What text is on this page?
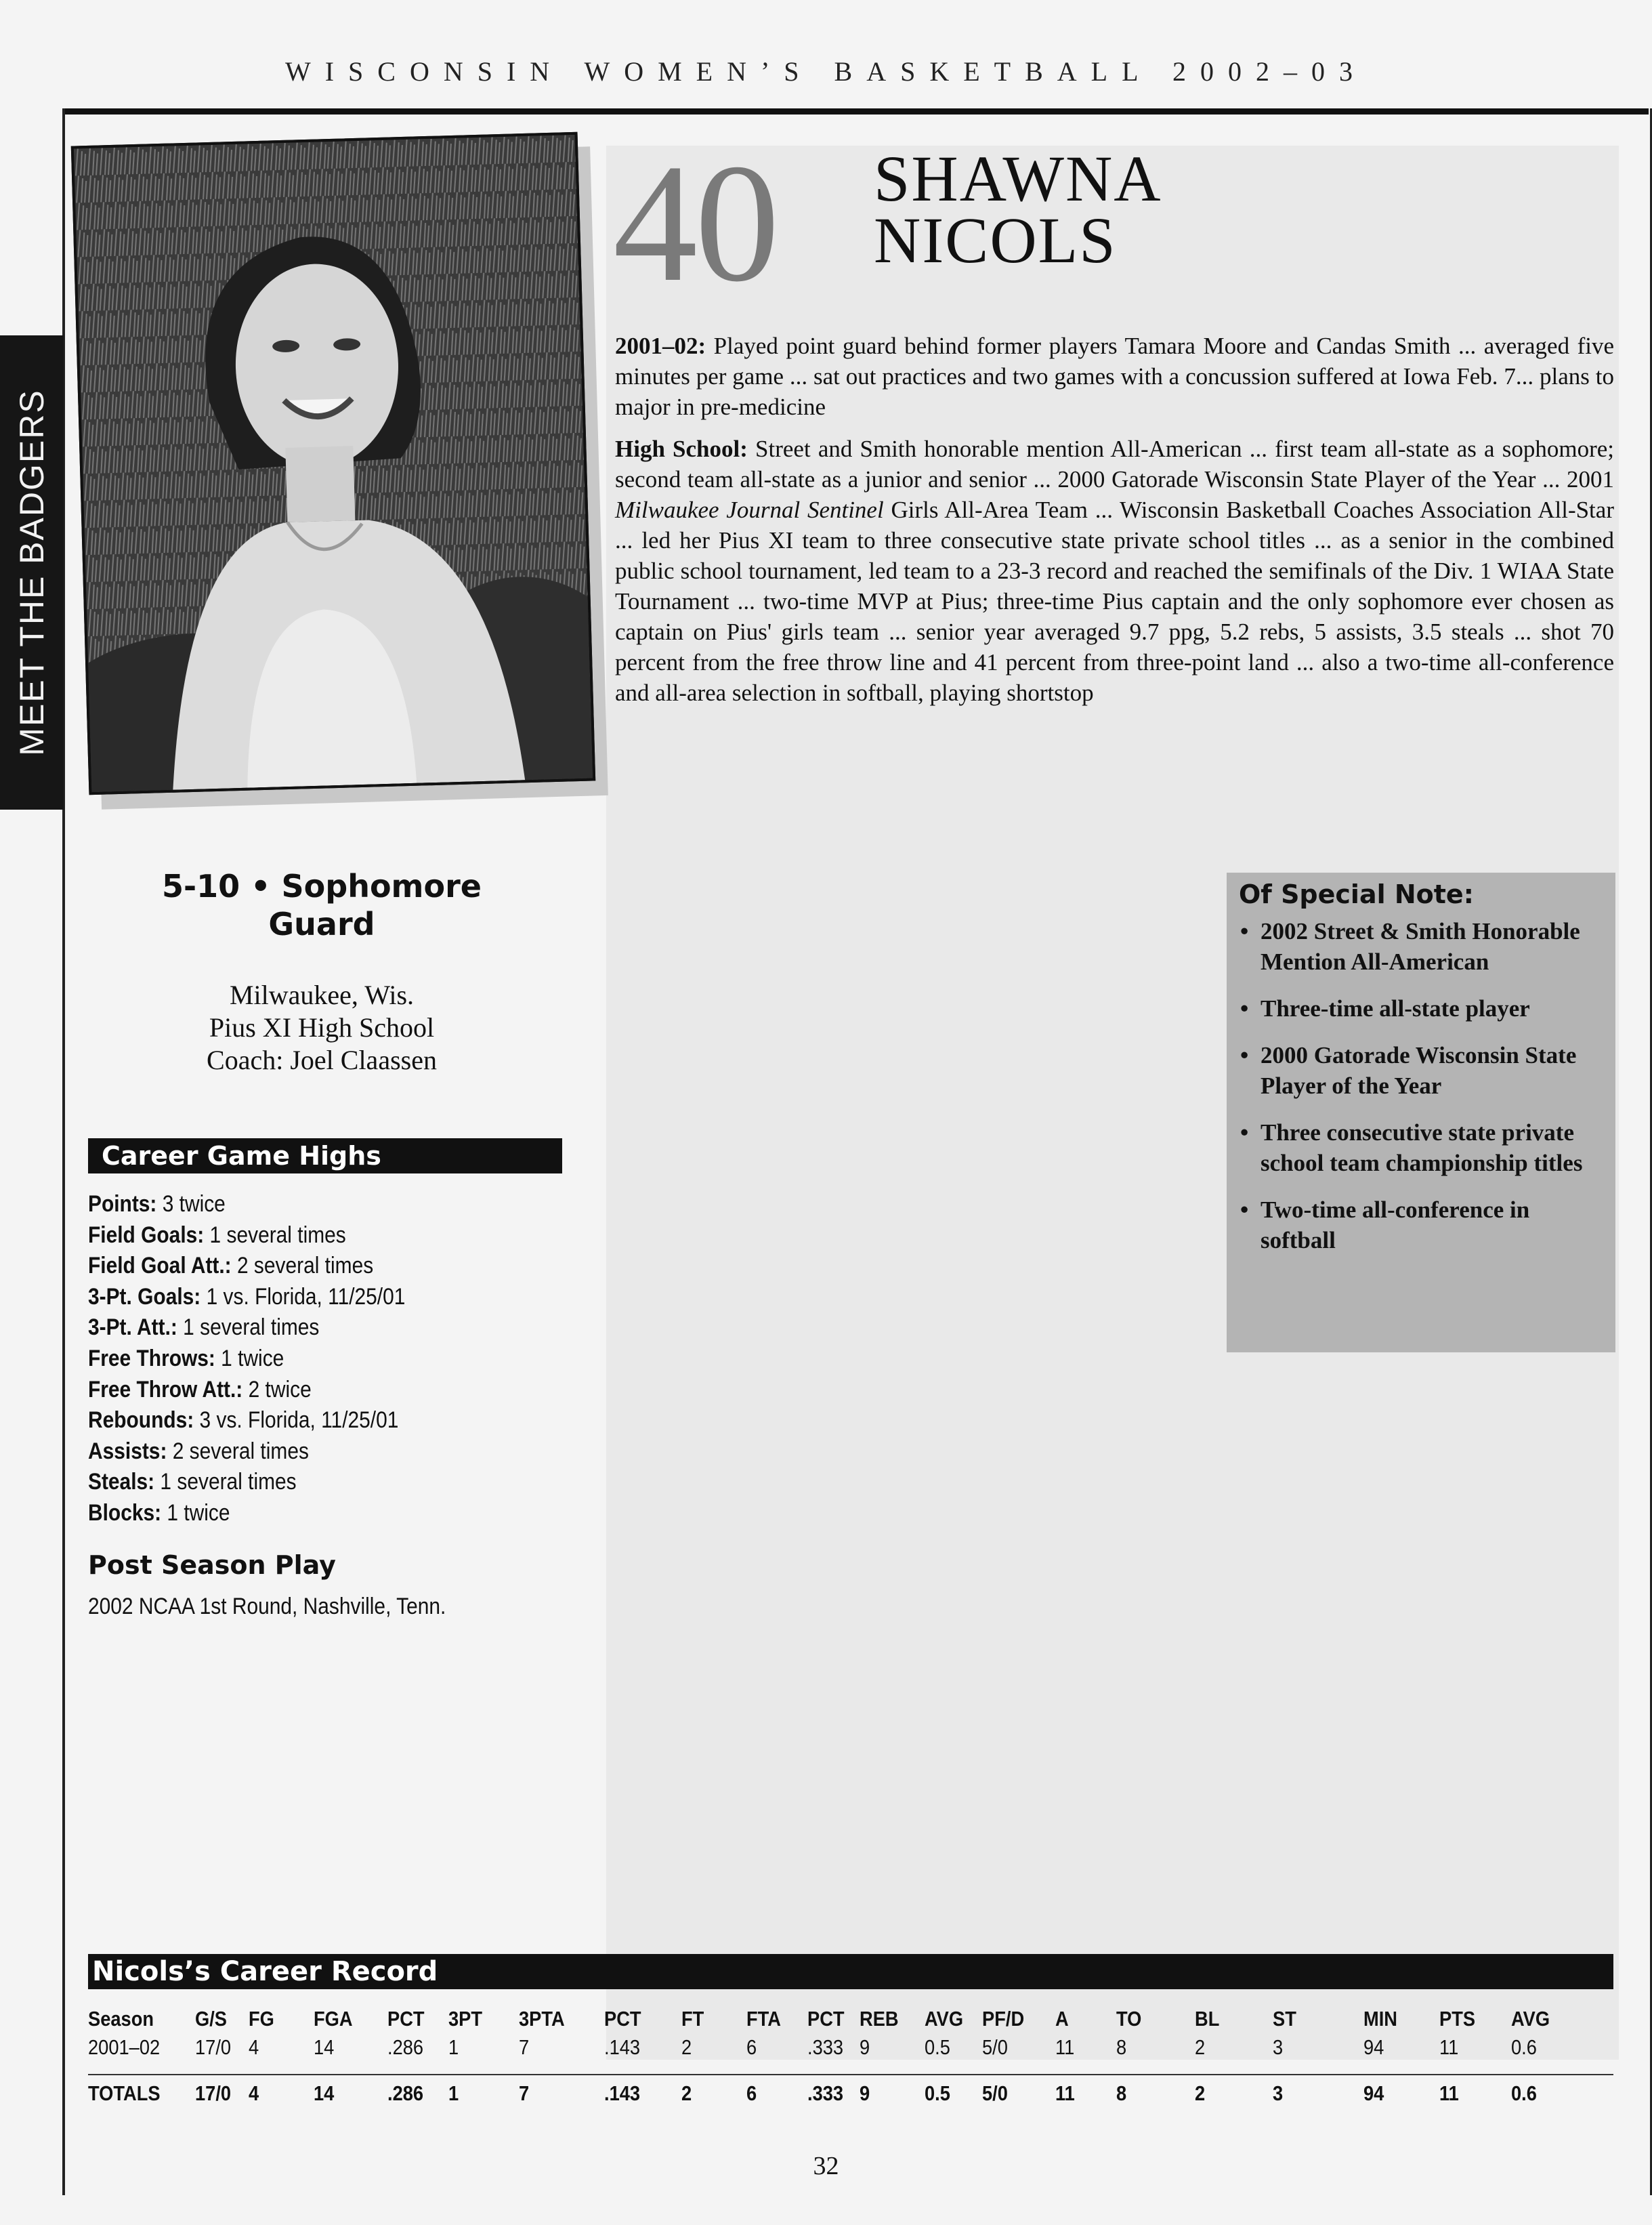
WISCONSIN WOMEN’S BASKETBALL 2002–03
MEET THE BADGERS
40 SHAWNA
NICOLS

2001–02: Played point guard behind former players Tamara Moore and Candas Smith ... averaged five minutes per game ... sat out practices and two games with a concussion suffered at Iowa Feb. 7... plans to major in pre-medicine

High School: Street and Smith honorable mention All-American ... first team all-state as a sophomore; second team all-state as a junior and senior ... 2000 Gatorade Wisconsin State Player of the Year ... 2001 Milwaukee Journal Sentinel Girls All-Area Team ... Wisconsin Basketball Coaches Association All-Star ... led her Pius XI team to three consecutive state private school titles ... as a senior in the combined public school tournament, led team to a 23-3 record and reached the semifinals of the Div. 1 WIAA State Tournament ... two-time MVP at Pius; three-time Pius captain and the only sophomore ever chosen as captain on Pius' girls team ... senior year averaged 9.7 ppg, 5.2 rebs, 5 assists, 3.5 steals ... shot 70 percent from the free throw line and 41 percent from three-point land ... also a two-time all-conference and all-area selection in softball, playing shortstop

Of Special Note:
• 2002 Street & Smith Honorable Mention All-American
• Three-time all-state player
• 2000 Gatorade Wisconsin State Player of the Year
• Three consecutive state private school team championship titles
• Two-time all-conference in softball
5-10 • Sophomore
Guard
Milwaukee, Wis.
Pius XI High School
Coach: Joel Claassen
Career Game Highs
Points: 3 twice
Field Goals: 1 several times
Field Goal Att.: 2 several times
3-Pt. Goals: 1 vs. Florida, 11/25/01
3-Pt. Att.: 1 several times
Free Throws: 1 twice
Free Throw Att.: 2 twice
Rebounds: 3 vs. Florida, 11/25/01
Assists: 2 several times
Steals: 1 several times
Blocks: 1 twice
Post Season Play
2002 NCAA 1st Round, Nashville, Tenn.
Nicols’s Career Record
Season G/S FG FGA PCT 3PT 3PTA PCT FT FTA PCT REB AVG PF/D A TO	BL	ST	MIN PTS AVG
2001–02 17/0 4	14	.286 1	7	.143 2	6 .333 9	0.5 5/0 11 8	2	3	94	11	0.6
TOTALS 17/0 4	14	.286 1	7	.143 2	6 .333 9	0.5 5/0 11 8	2	3	94	11 0.6
32
